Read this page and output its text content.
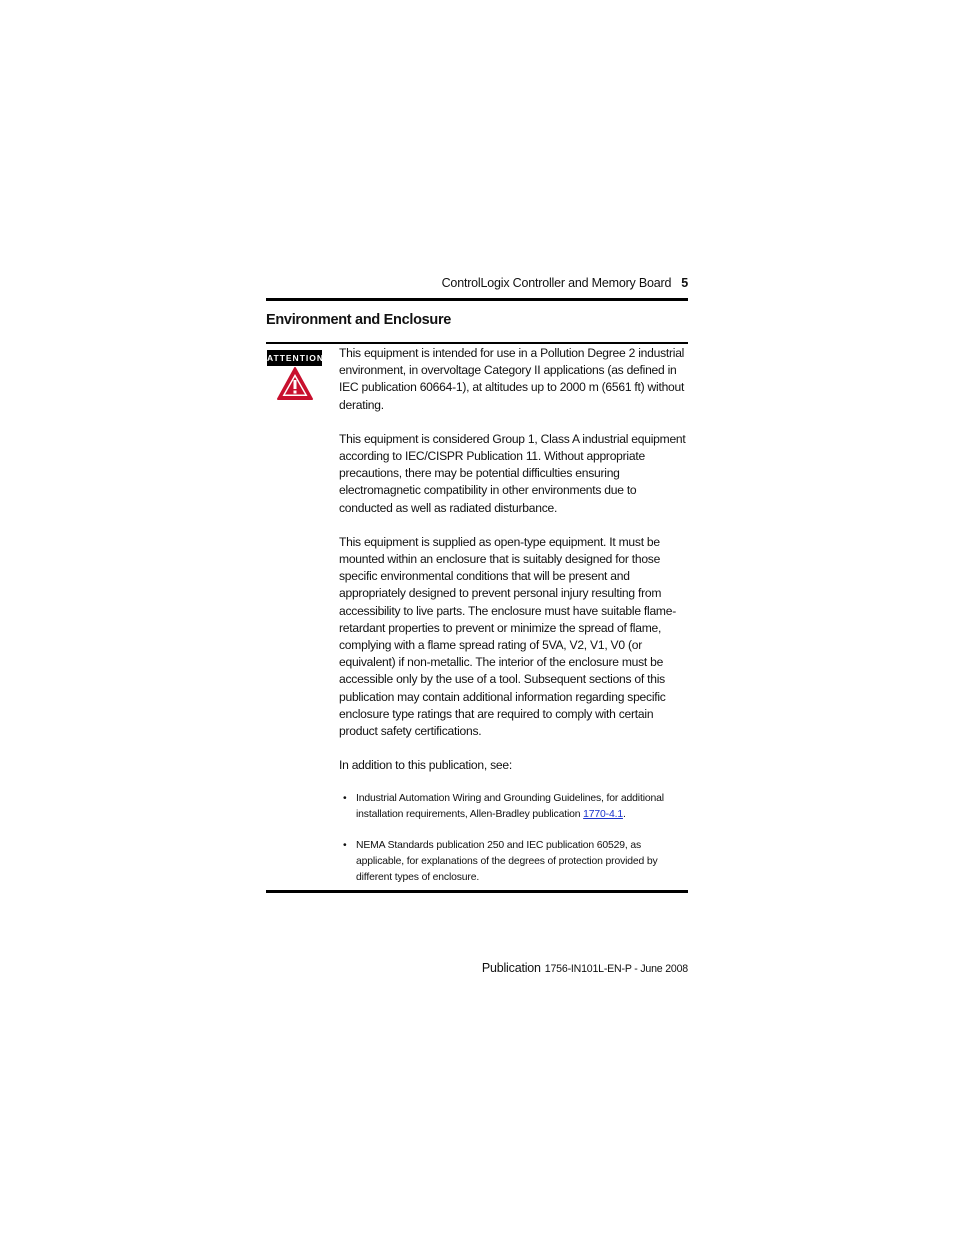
ControlLogix Controller and Memory Board 5
Environment and Enclosure
ATTENTION This equipment is intended for use in a Pollution Degree 2 industrial environment, in overvoltage Category II applications (as defined in IEC publication 60664-1), at altitudes up to 2000 m (6561 ft) without derating.

This equipment is considered Group 1, Class A industrial equipment according to IEC/CISPR Publication 11. Without appropriate precautions, there may be potential difficulties ensuring electromagnetic compatibility in other environments due to conducted as well as radiated disturbance.

This equipment is supplied as open-type equipment. It must be mounted within an enclosure that is suitably designed for those specific environmental conditions that will be present and appropriately designed to prevent personal injury resulting from accessibility to live parts. The enclosure must have suitable flame-retardant properties to prevent or minimize the spread of flame, complying with a flame spread rating of 5VA, V2, V1, V0 (or equivalent) if non-metallic. The interior of the enclosure must be accessible only by the use of a tool. Subsequent sections of this publication may contain additional information regarding specific enclosure type ratings that are required to comply with certain product safety certifications.

In addition to this publication, see:

• Industrial Automation Wiring and Grounding Guidelines, for additional installation requirements, Allen-Bradley publication 1770-4.1.
• NEMA Standards publication 250 and IEC publication 60529, as applicable, for explanations of the degrees of protection provided by different types of enclosure.
Publication 1756-IN101L-EN-P - June 2008
